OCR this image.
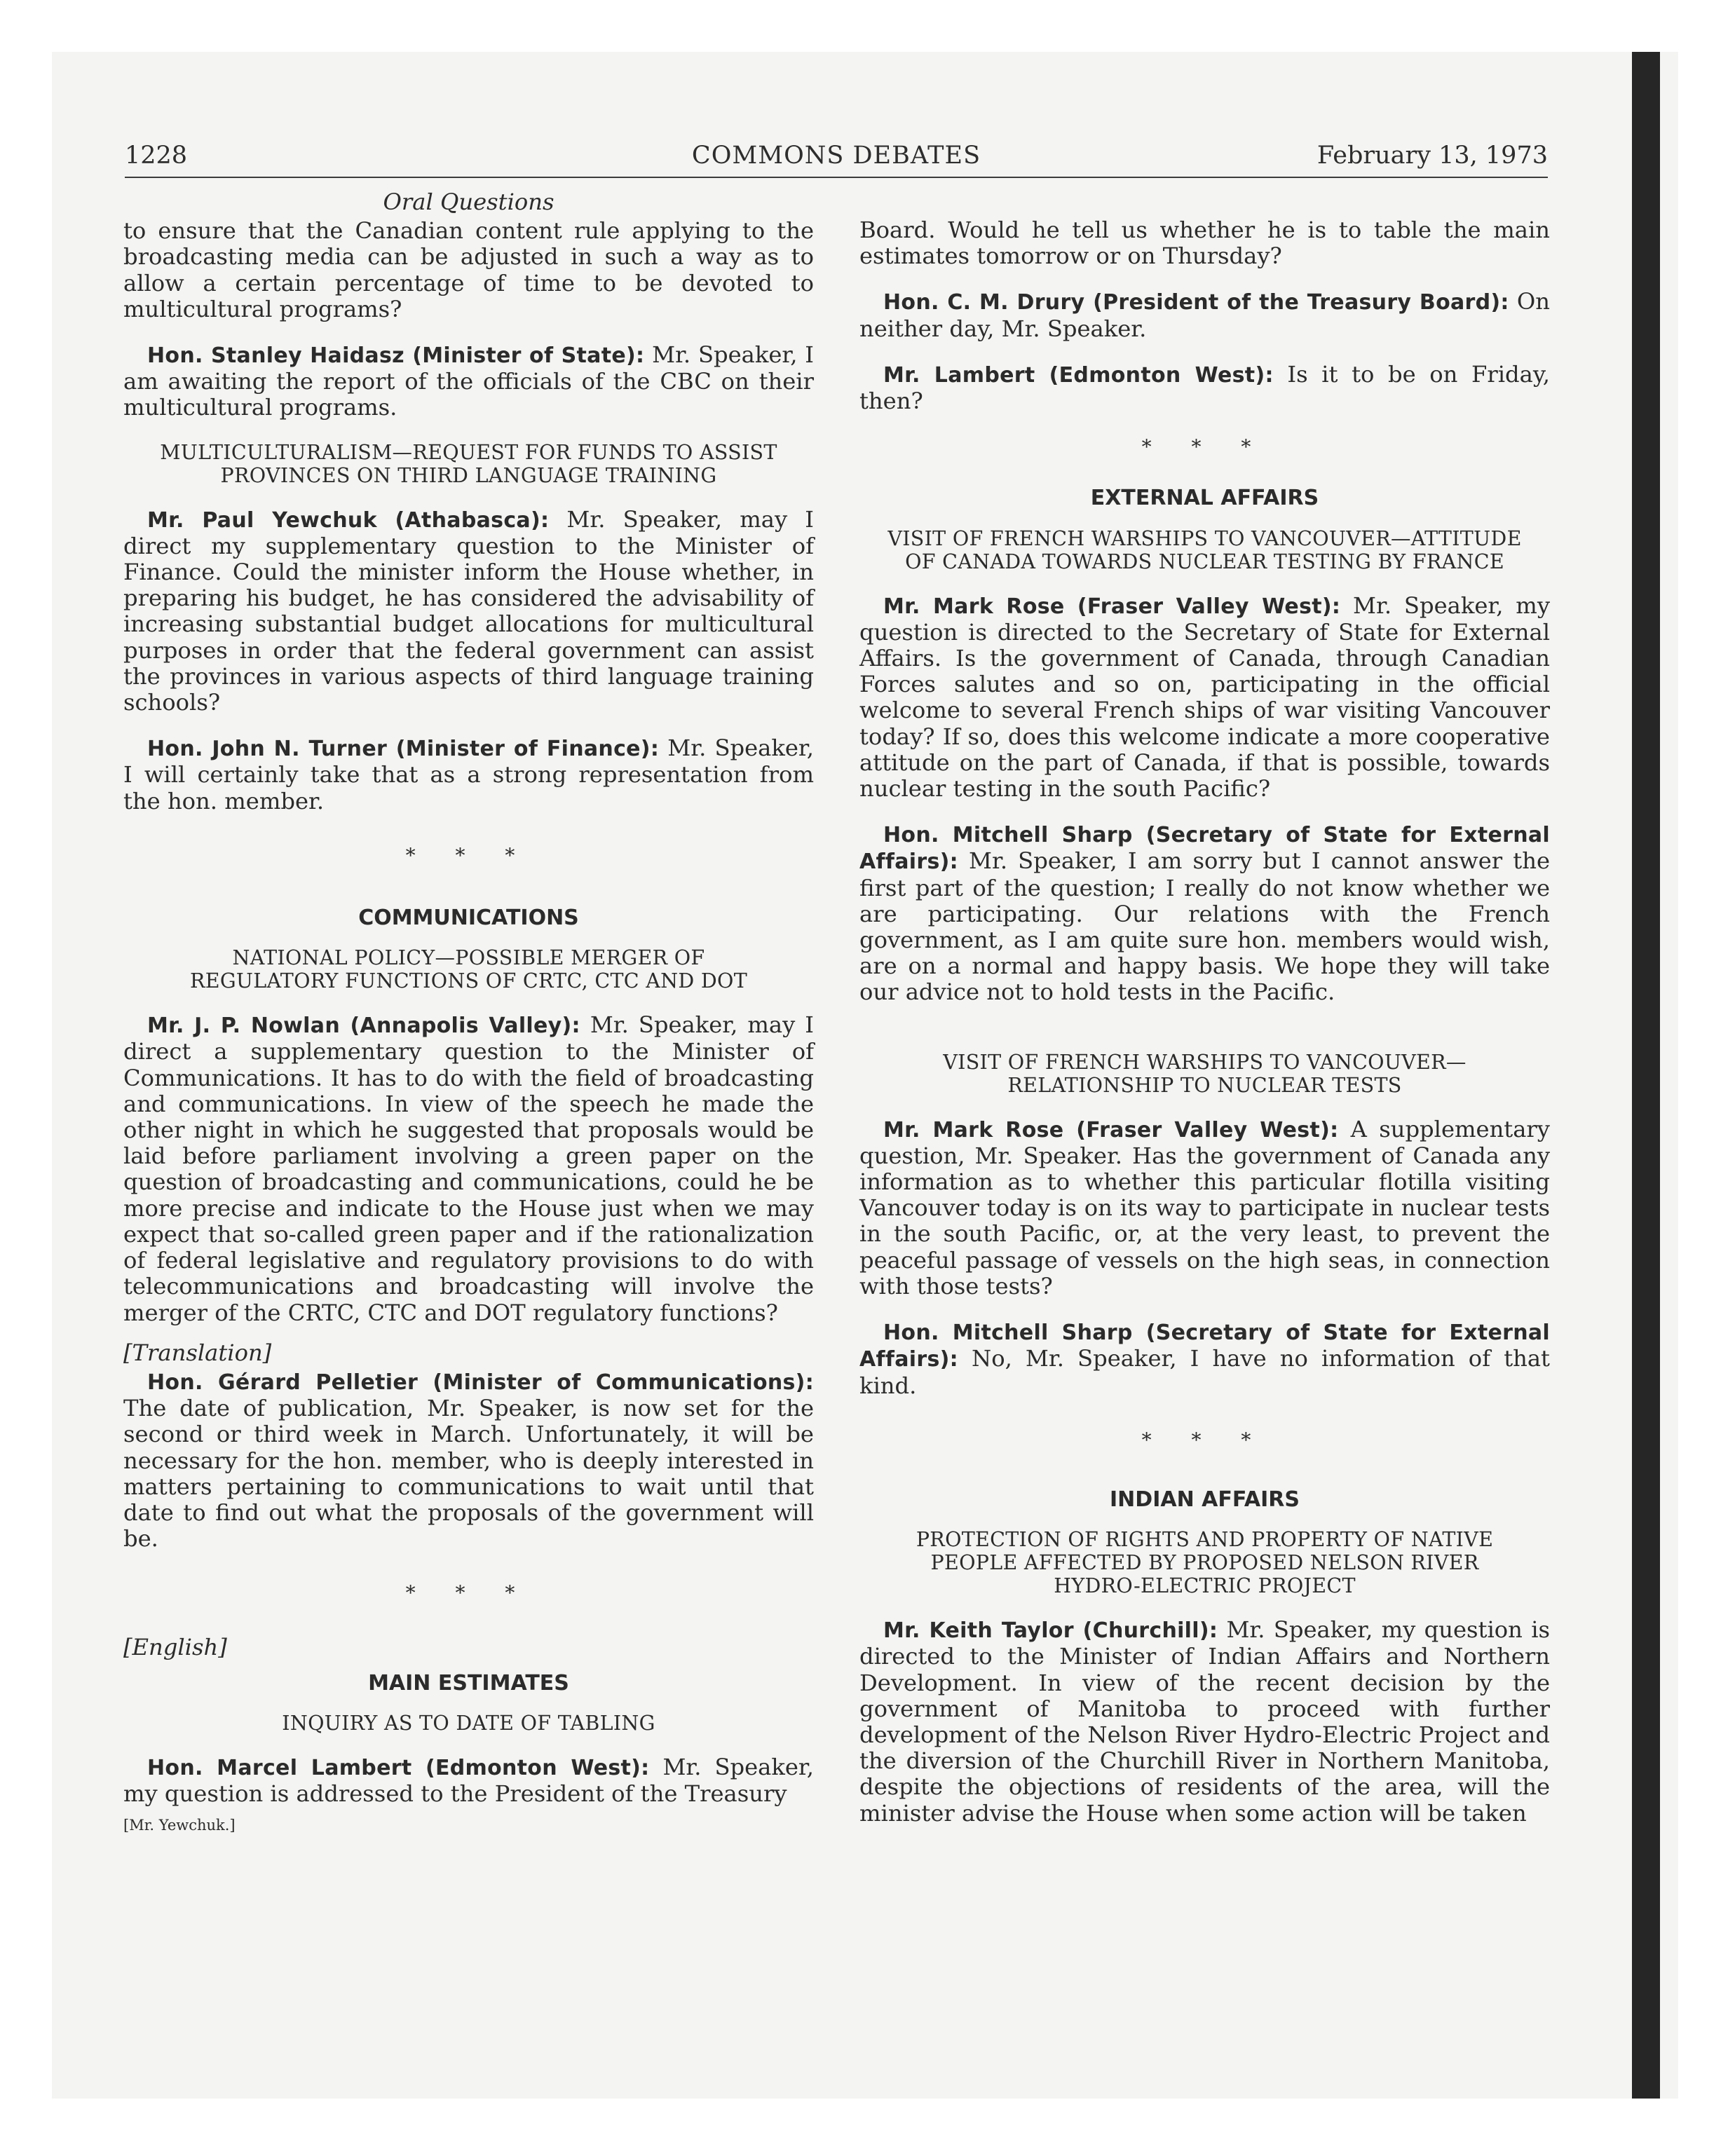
1228	COMMONS DEBATES	February 13, 1973
Oral Questions

to ensure that the Canadian content rule applying to the broadcasting media can be adjusted in such a way as to allow a certain percentage of time to be devoted to multicultural programs?

Hon. Stanley Haidasz (Minister of State): Mr. Speaker, I am awaiting the report of the officials of the CBC on their multicultural programs.

MULTICULTURALISM—REQUEST FOR FUNDS TO ASSIST
PROVINCES ON THIRD LANGUAGE TRAINING

Mr. Paul Yewchuk (Athabasca): Mr. Speaker, may I direct my supplementary question to the Minister of Finance. Could the minister inform the House whether, in preparing his budget, he has considered the advisability of increasing substantial budget allocations for multicultural purposes in order that the federal government can assist the provinces in various aspects of third language training schools?

Hon. John N. Turner (Minister of Finance): Mr. Speaker, I will certainly take that as a strong representation from the hon. member.

* * *
COMMUNICATIONS
NATIONAL POLICY—POSSIBLE MERGER OF
REGULATORY FUNCTIONS OF CRTC, CTC AND DOT

Mr. J. P. Nowlan (Annapolis Valley): Mr. Speaker, may I direct a supplementary question to the Minister of Communications. It has to do with the field of broadcasting and communications. In view of the speech he made the other night in which he suggested that proposals would be laid before parliament involving a green paper on the question of broadcasting and communications, could he be more precise and indicate to the House just when we may expect that so-called green paper and if the rationalization of federal legislative and regulatory provisions to do with telecommunications and broadcasting will involve the merger of the CRTC, CTC and DOT regulatory functions?

[Translation]

Hon. Gérard Pelletier (Minister of Communications): The date of publication, Mr. Speaker, is now set for the second or third week in March. Unfortunately, it will be necessary for the hon. member, who is deeply interested in matters pertaining to communications to wait until that date to find out what the proposals of the government will be.

* * *
[English]
MAIN ESTIMATES
INQUIRY AS TO DATE OF TABLING

Hon. Marcel Lambert (Edmonton West): Mr. Speaker, my question is addressed to the President of the Treasury

[Mr. Yewchuk.]

Board. Would he tell us whether he is to table the main estimates tomorrow or on Thursday?

Hon. C. M. Drury (President of the Treasury Board): On neither day, Mr. Speaker.

Mr. Lambert (Edmonton West): Is it to be on Friday, then?

* * *
EXTERNAL AFFAIRS
VISIT OF FRENCH WARSHIPS TO VANCOUVER—ATTITUDE
OF CANADA TOWARDS NUCLEAR TESTING BY FRANCE

Mr. Mark Rose (Fraser Valley West): Mr. Speaker, my question is directed to the Secretary of State for External Affairs. Is the government of Canada, through Canadian Forces salutes and so on, participating in the official welcome to several French ships of war visiting Vancouver today? If so, does this welcome indicate a more cooperative attitude on the part of Canada, if that is possible, towards nuclear testing in the south Pacific?

Hon. Mitchell Sharp (Secretary of State for External Affairs): Mr. Speaker, I am sorry but I cannot answer the first part of the question; I really do not know whether we are participating. Our relations with the French government, as I am quite sure hon. members would wish, are on a normal and happy basis. We hope they will take our advice not to hold tests in the Pacific.

VISIT OF FRENCH WARSHIPS TO VANCOUVER—
RELATIONSHIP TO NUCLEAR TESTS

Mr. Mark Rose (Fraser Valley West): A supplementary question, Mr. Speaker. Has the government of Canada any information as to whether this particular flotilla visiting Vancouver today is on its way to participate in nuclear tests in the south Pacific, or, at the very least, to prevent the peaceful passage of vessels on the high seas, in connection with those tests?

Hon. Mitchell Sharp (Secretary of State for External Affairs): No, Mr. Speaker, I have no information of that kind.

* * *
INDIAN AFFAIRS
PROTECTION OF RIGHTS AND PROPERTY OF NATIVE
PEOPLE AFFECTED BY PROPOSED NELSON RIVER
HYDRO-ELECTRIC PROJECT

Mr. Keith Taylor (Churchill): Mr. Speaker, my question is directed to the Minister of Indian Affairs and Northern Development. In view of the recent decision by the government of Manitoba to proceed with further development of the Nelson River Hydro-Electric Project and the diversion of the Churchill River in Northern Manitoba, despite the objections of residents of the area, will the minister advise the House when some action will be taken
